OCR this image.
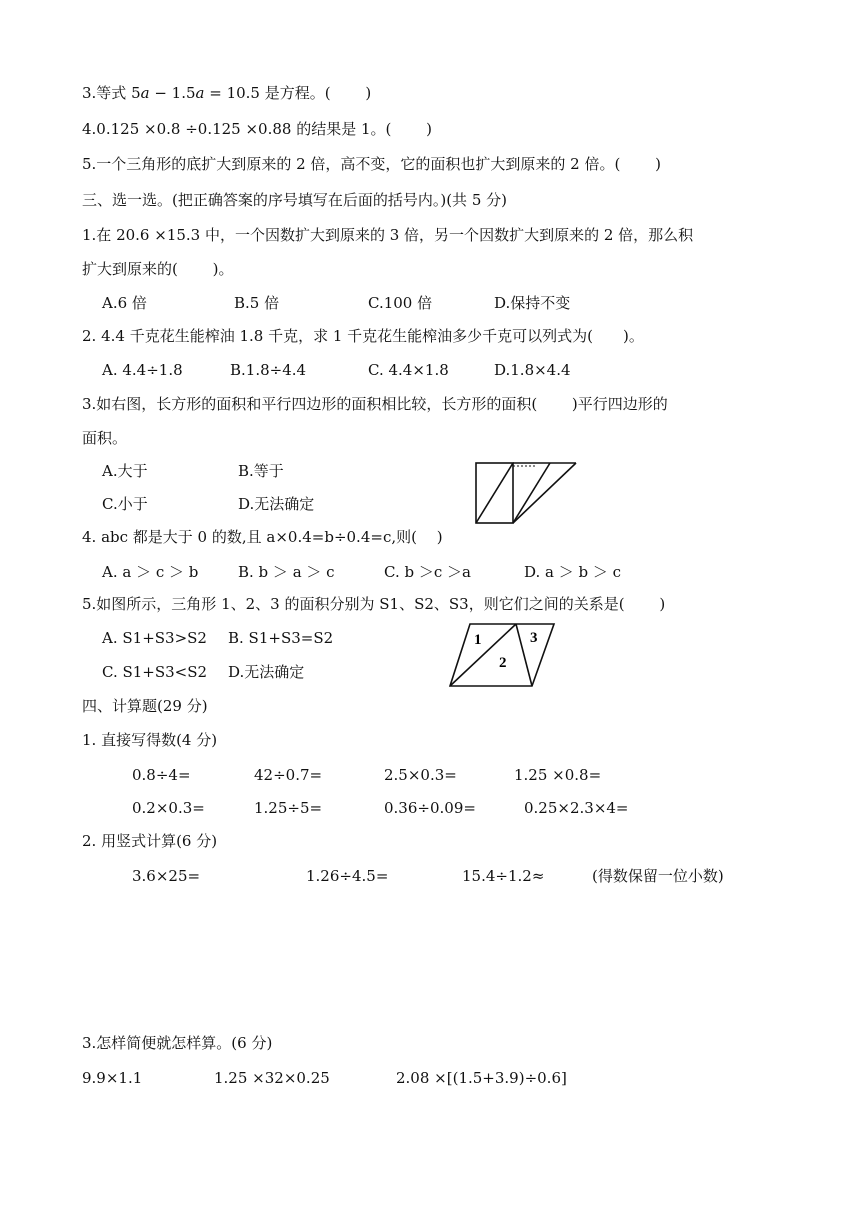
3.等式 5𝑎 − 1.5𝑎 = 10.5 是方程。(　　 )
4.0.125 ×0.8 ÷0.125 ×0.88 的结果是 1。(　　 )
5.一个三角形的底扩大到原来的 2 倍，高不变，它的面积也扩大到原来的 2 倍。(　　 )
三、选一选。(把正确答案的序号填写在后面的括号内。)(共 5 分)
1.在 20.6 ×15.3 中，一个因数扩大到原来的 3 倍，另一个因数扩大到原来的 2 倍，那么积
扩大到原来的(　　 )。
A.6 倍	B.5 倍	C.100 倍	D.保持不变
2. 4.4 千克花生能榨油 1.8 千克，求 1 千克花生能榨油多少千克可以列式为(　　)。
A. 4.4÷1.8	B.1.8÷4.4	C. 4.4×1.8	D.1.8×4.4
3.如右图，长方形的面积和平行四边形的面积相比较，长方形的面积(　　 )平行四边形的
面积。
A.大于	B.等于
C.小于	D.无法确定
4. abc 都是大于 0 的数,且 a×0.4=b÷0.4=c,则(　 )
A. a ＞ c ＞ b	B. b ＞ a ＞ c	C. b ＞c ＞a	D. a ＞ b ＞ c
5.如图所示，三角形 1、2、3 的面积分别为 S1、S2、S3，则它们之间的关系是(　　 )
A. S1+S3>S2 B. S1+S3=S2
C. S1+S3<S2 D.无法确定
1
2
3
四、计算题(29 分)
1. 直接写得数(4 分)
0.8÷4=	42÷0.7=	2.5×0.3=	1.25 ×0.8=
0.2×0.3=	1.25÷5=	0.36÷0.09=	0.25×2.3×4=
2. 用竖式计算(6 分)
3.6×25=	1.26÷4.5=	15.4÷1.2≈	(得数保留一位小数)
3.怎样简便就怎样算。(6 分)
9.9×1.1	1.25 ×32×0.25	2.08 ×[(1.5+3.9)÷0.6]
